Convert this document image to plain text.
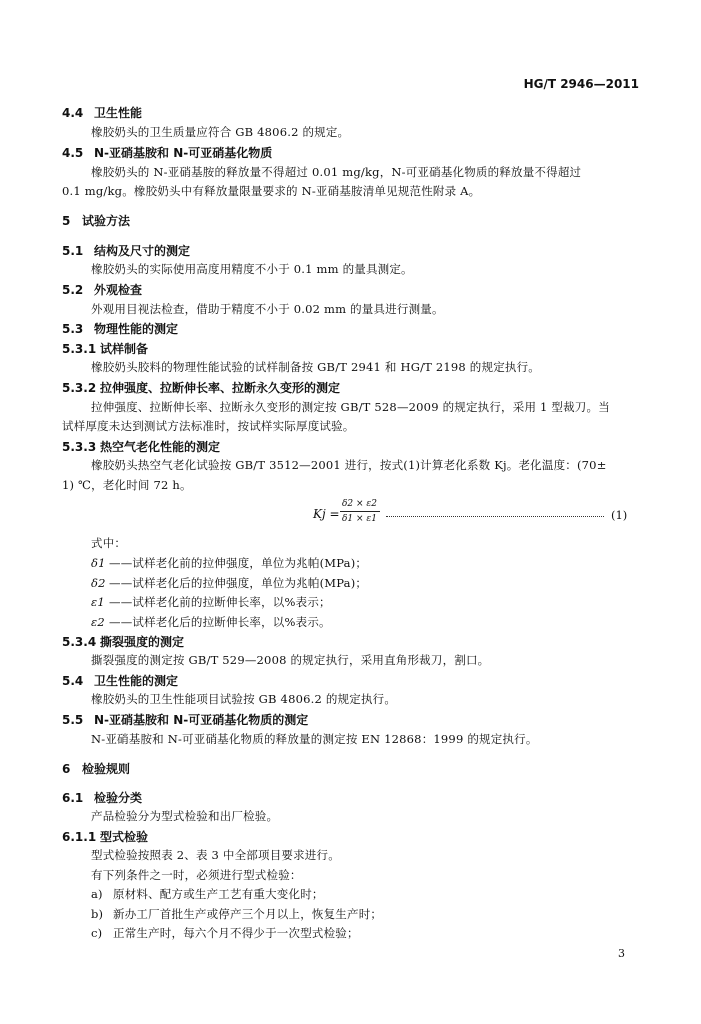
HG/T 2946—2011
4.4 卫生性能
橡胶奶头的卫生质量应符合 GB 4806.2 的规定。
4.5 N-亚硝基胺和 N-可亚硝基化物质
橡胶奶头的 N-亚硝基胺的释放量不得超过 0.01 mg/kg，N-可亚硝基化物质的释放量不得超过
0.1 mg/kg。橡胶奶头中有释放量限量要求的 N-亚硝基胺清单见规范性附录 A。
5 试验方法
5.1 结构及尺寸的测定
橡胶奶头的实际使用高度用精度不小于 0.1 mm 的量具测定。
5.2 外观检查
外观用目视法检查，借助于精度不小于 0.02 mm 的量具进行测量。
5.3 物理性能的测定
5.3.1 试样制备
橡胶奶头胶料的物理性能试验的试样制备按 GB/T 2941 和 HG/T 2198 的规定执行。
5.3.2 拉伸强度、拉断伸长率、拉断永久变形的测定
拉伸强度、拉断伸长率、拉断永久变形的测定按 GB/T 528—2009 的规定执行，采用 1 型裁刀。当
试样厚度未达到测试方法标准时，按试样实际厚度试验。
5.3.3 热空气老化性能的测定
橡胶奶头热空气老化试验按 GB/T 3512—2001 进行，按式(1)计算老化系数 Kj。老化温度：(70±
1) ℃，老化时间 72 h。
Kj =
δ2 × ε2
δ1 × ε1	(1)
式中：
δ1 ——试样老化前的拉伸强度，单位为兆帕(MPa)；
δ2 ——试样老化后的拉伸强度，单位为兆帕(MPa)；
ε1 ——试样老化前的拉断伸长率，以%表示；
ε2 ——试样老化后的拉断伸长率，以%表示。
5.3.4 撕裂强度的测定
撕裂强度的测定按 GB/T 529—2008 的规定执行，采用直角形裁刀，割口。
5.4 卫生性能的测定
橡胶奶头的卫生性能项目试验按 GB 4806.2 的规定执行。
5.5 N-亚硝基胺和 N-可亚硝基化物质的测定
N-亚硝基胺和 N-可亚硝基化物质的释放量的测定按 EN 12868：1999 的规定执行。
6 检验规则
6.1 检验分类
产品检验分为型式检验和出厂检验。
6.1.1 型式检验
型式检验按照表 2、表 3 中全部项目要求进行。
有下列条件之一时，必须进行型式检验：
a) 原材料、配方或生产工艺有重大变化时；
b) 新办工厂首批生产或停产三个月以上，恢复生产时；
c) 正常生产时，每六个月不得少于一次型式检验；
3
